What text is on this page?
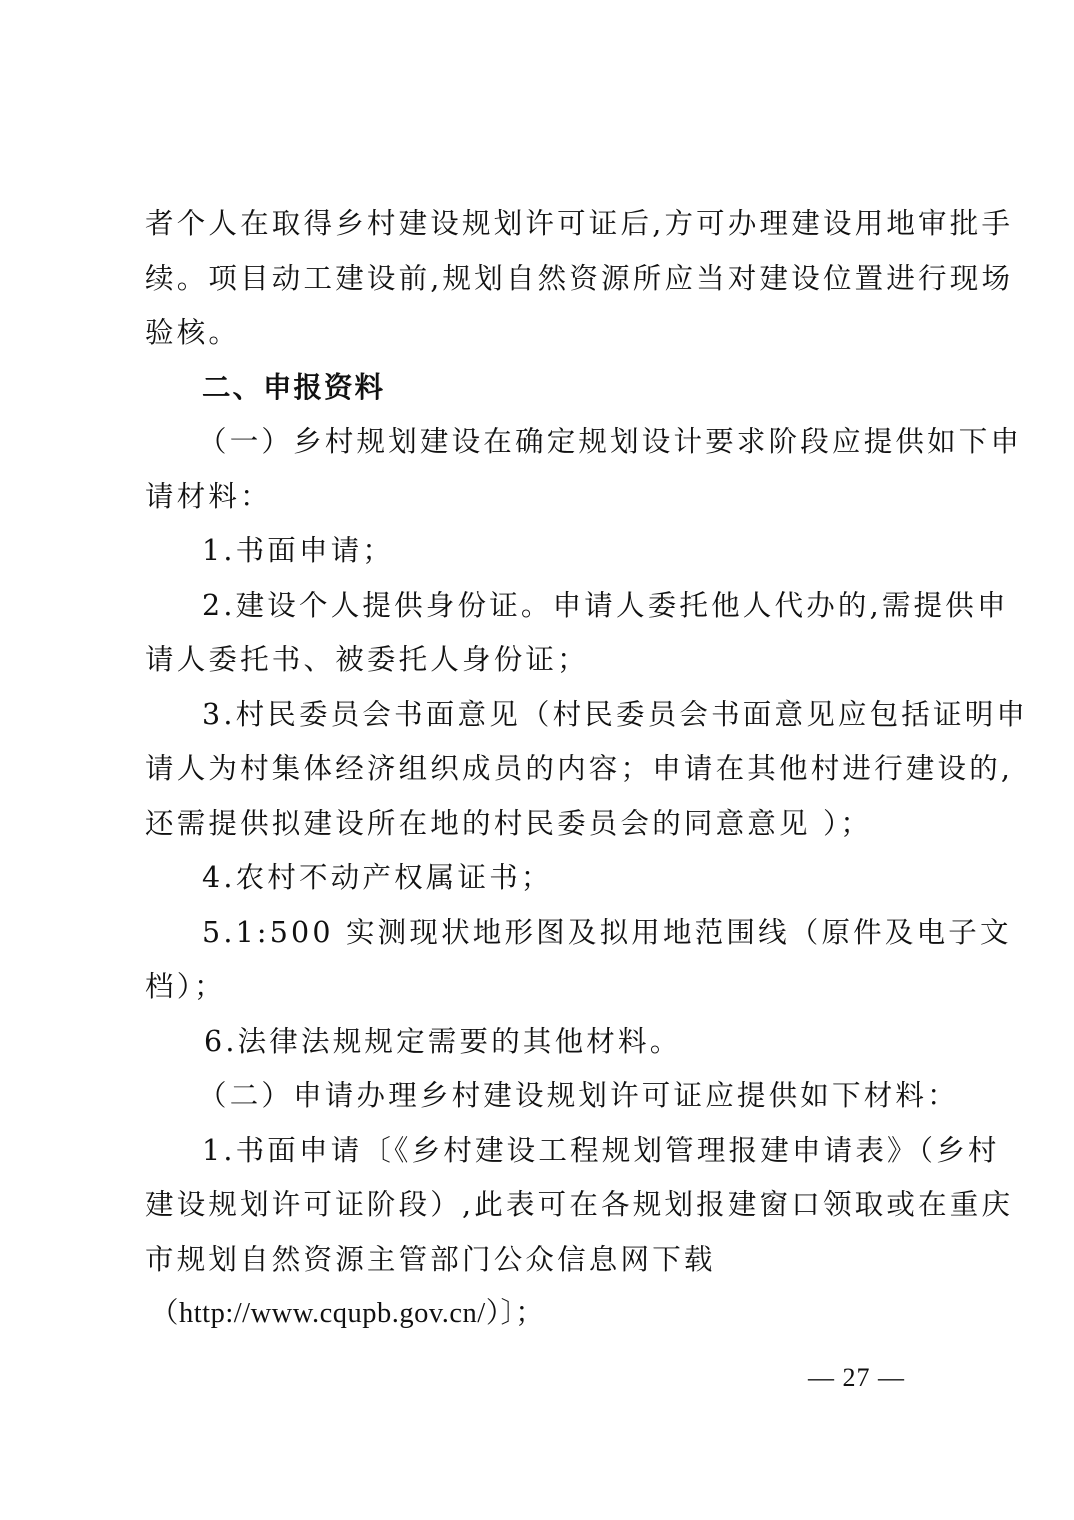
者个人在取得乡村建设规划许可证后,方可办理建设用地审批手
续。项目动工建设前,规划自然资源所应当对建设位置进行现场
验核。
二、申报资料
（一）乡村规划建设在确定规划设计要求阶段应提供如下申
请材料：
1.书面申请；
2.建设个人提供身份证。申请人委托他人代办的,需提供申
请人委托书、被委托人身份证；
3.村民委员会书面意见（村民委员会书面意见应包括证明申
请人为村集体经济组织成员的内容；申请在其他村进行建设的,
还需提供拟建设所在地的村民委员会的同意意见 ）；
4.农村不动产权属证书；
5.1:500 实测现状地形图及拟用地范围线（原件及电子文
档）；
6.法律法规规定需要的其他材料。
（二）申请办理乡村建设规划许可证应提供如下材料：
1.书面申请〔《乡村建设工程规划管理报建申请表》（乡村
建设规划许可证阶段）,此表可在各规划报建窗口领取或在重庆
市规划自然资源主管部门公众信息网下载
（http://www.cqupb.gov.cn/）〕；
— 27 —
